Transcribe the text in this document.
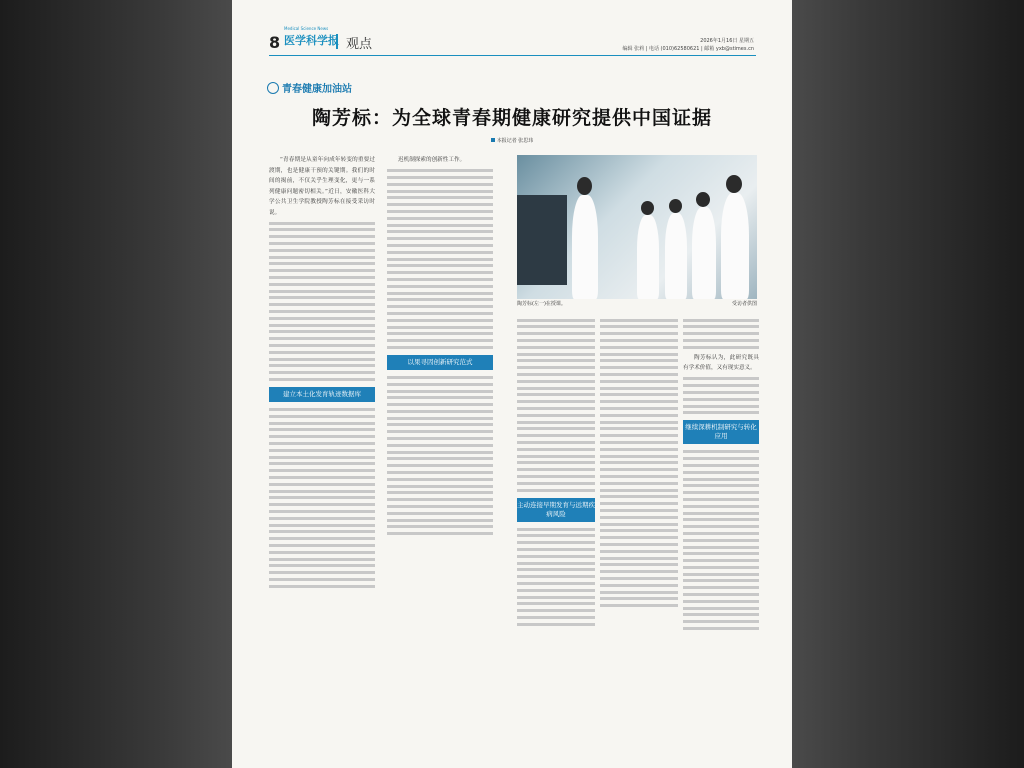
8
Medical Science News
医学科学报 观点	2026年1月16日 星期五
编辑 张莉 | 电话 (010)62580621 | 邮箱 yxb@stimes.cn
青春健康加油站
陶芳标：为全球青春期健康研究提供中国证据
本报记者 张思玮

“青春期是从童年向成年转变的重要过渡期，也是健康干预的关键期。我们的时间的揭前，不仅关乎生理变化，更与一系列健康问题密切相关。”近日，安徽医科大学公共卫生学院教授陶芳标在接受采访时说。

建立本土化发育轨迹数据库

迟机制探索的创新性工作。

以果寻因创新研究范式
陶芳标(左一)在授课。	受访者供图
主动连接早期发育与远期疾病风险

陶芳标认为，此研究既具有学术价值，又有现实意义。

继续深耕机制研究与转化应用
